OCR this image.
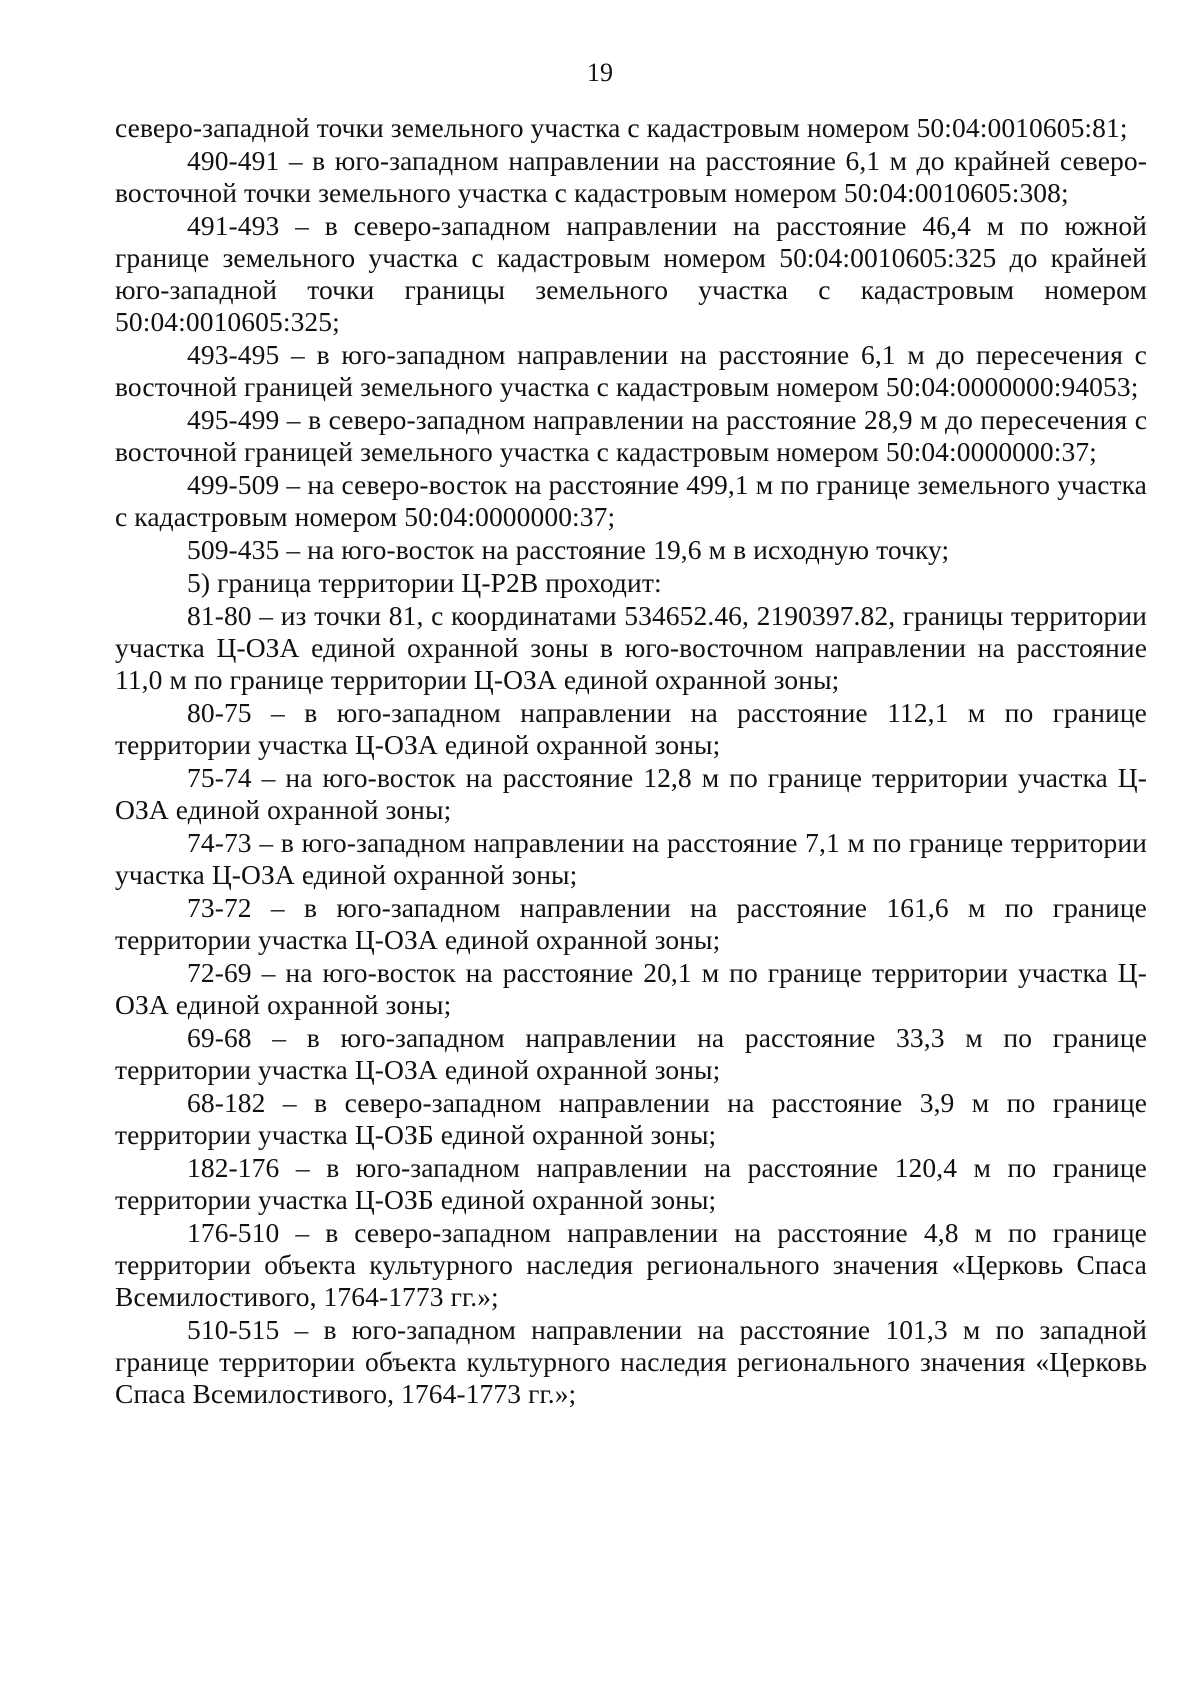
19

северо-западной точки земельного участка с кадастровым номером 50:04:0010605:81;

490-491 – в юго-западном направлении на расстояние 6,1 м до крайней северо-восточной точки земельного участка с кадастровым номером 50:04:0010605:308;

491-493 – в северо-западном направлении на расстояние 46,4 м по южной границе земельного участка с кадастровым номером 50:04:0010605:325 до крайней юго-западной точки границы земельного участка с кадастровым номером 50:04:0010605:325;

493-495 – в юго-западном направлении на расстояние 6,1 м до пересечения с восточной границей земельного участка с кадастровым номером 50:04:0000000:94053;

495-499 – в северо-западном направлении на расстояние 28,9 м до пересечения с восточной границей земельного участка с кадастровым номером 50:04:0000000:37;

499-509 – на северо-восток на расстояние 499,1 м по границе земельного участка с кадастровым номером 50:04:0000000:37;

509-435 – на юго-восток на расстояние 19,6 м в исходную точку;

5) граница территории Ц-Р2В проходит:

81-80 – из точки 81, с координатами 534652.46, 2190397.82, границы территории участка Ц-ОЗА единой охранной зоны в юго-восточном направлении на расстояние 11,0 м по границе территории Ц-ОЗА единой охранной зоны;

80-75 – в юго-западном направлении на расстояние 112,1 м по границе территории участка Ц-ОЗА единой охранной зоны;

75-74 – на юго-восток на расстояние 12,8 м по границе территории участка Ц-ОЗА единой охранной зоны;

74-73 – в юго-западном направлении на расстояние 7,1 м по границе территории участка Ц-ОЗА единой охранной зоны;

73-72 – в юго-западном направлении на расстояние 161,6 м по границе территории участка Ц-ОЗА единой охранной зоны;

72-69 – на юго-восток на расстояние 20,1 м по границе территории участка Ц-ОЗА единой охранной зоны;

69-68 – в юго-западном направлении на расстояние 33,3 м по границе территории участка Ц-ОЗА единой охранной зоны;

68-182 – в северо-западном направлении на расстояние 3,9 м по границе территории участка Ц-ОЗБ единой охранной зоны;

182-176 – в юго-западном направлении на расстояние 120,4 м по границе территории участка Ц-ОЗБ единой охранной зоны;

176-510 – в северо-западном направлении на расстояние 4,8 м по границе территории объекта культурного наследия регионального значения «Церковь Спаса Всемилостивого, 1764-1773 гг.»;

510-515 – в юго-западном направлении на расстояние 101,3 м по западной границе территории объекта культурного наследия регионального значения «Церковь Спаса Всемилостивого, 1764-1773 гг.»;
